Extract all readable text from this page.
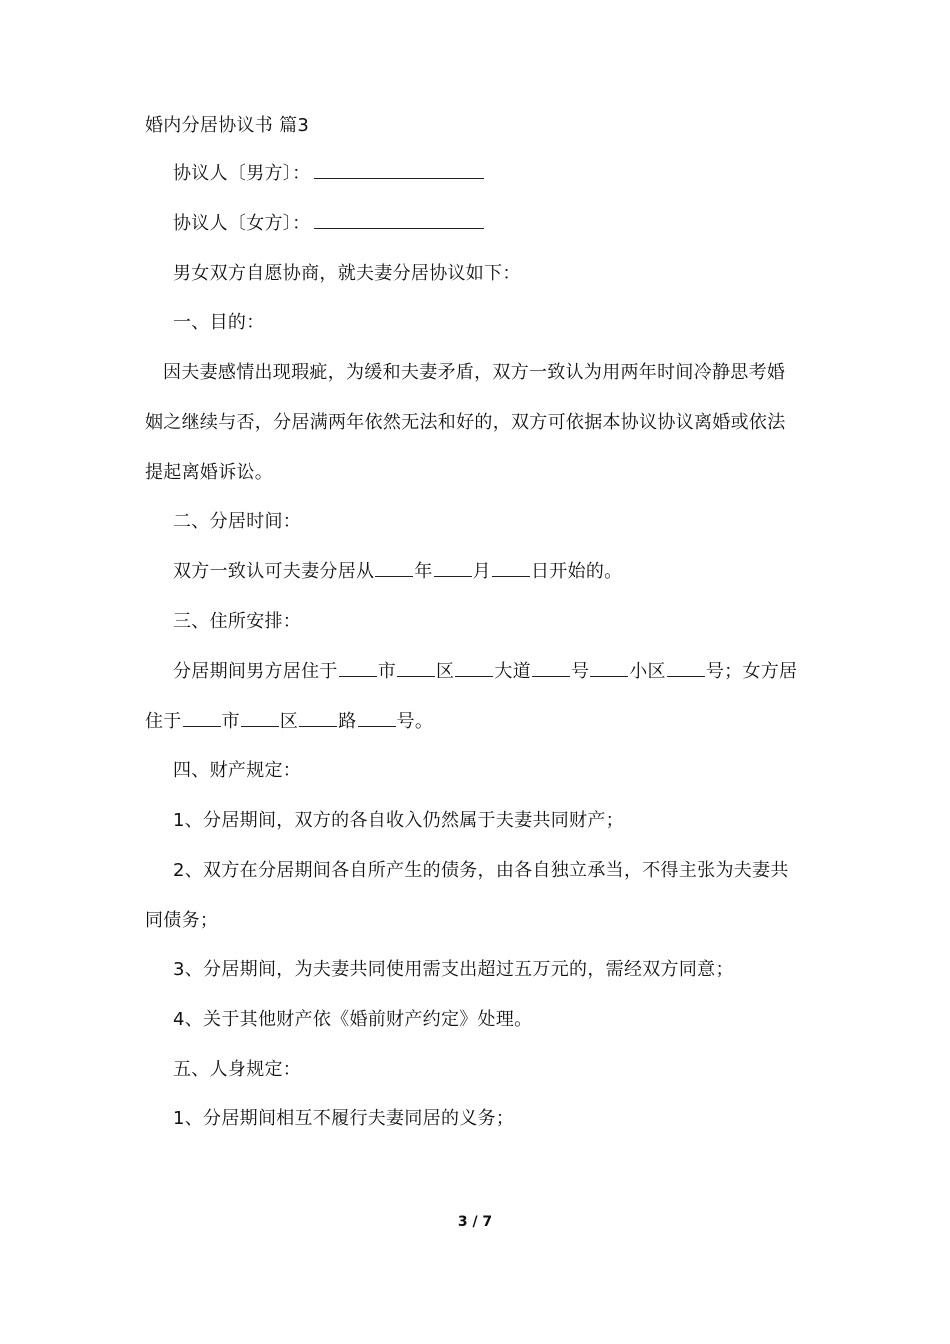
婚内分居协议书 篇3
协议人〔男方〕：
协议人〔女方〕：
男女双方自愿协商，就夫妻分居协议如下：
一、目的：
因夫妻感情出现瑕疵，为缓和夫妻矛盾，双方一致认为用两年时间冷静思考婚
姻之继续与否，分居满两年依然无法和好的，双方可依据本协议协议离婚或依法
提起离婚诉讼。
二、分居时间：
双方一致认可夫妻分居从 年 月 日开始的。
三、住所安排：
分居期间男方居住于 市 区 大道 号 小区 号；女方居
住于 市 区 路 号。
四、财产规定：
1、分居期间，双方的各自收入仍然属于夫妻共同财产；
2、双方在分居期间各自所产生的债务，由各自独立承当，不得主张为夫妻共
同债务；
3、分居期间，为夫妻共同使用需支出超过五万元的，需经双方同意；
4、关于其他财产依《婚前财产约定》处理。
五、人身规定：
1、分居期间相互不履行夫妻同居的义务；
3 / 7
